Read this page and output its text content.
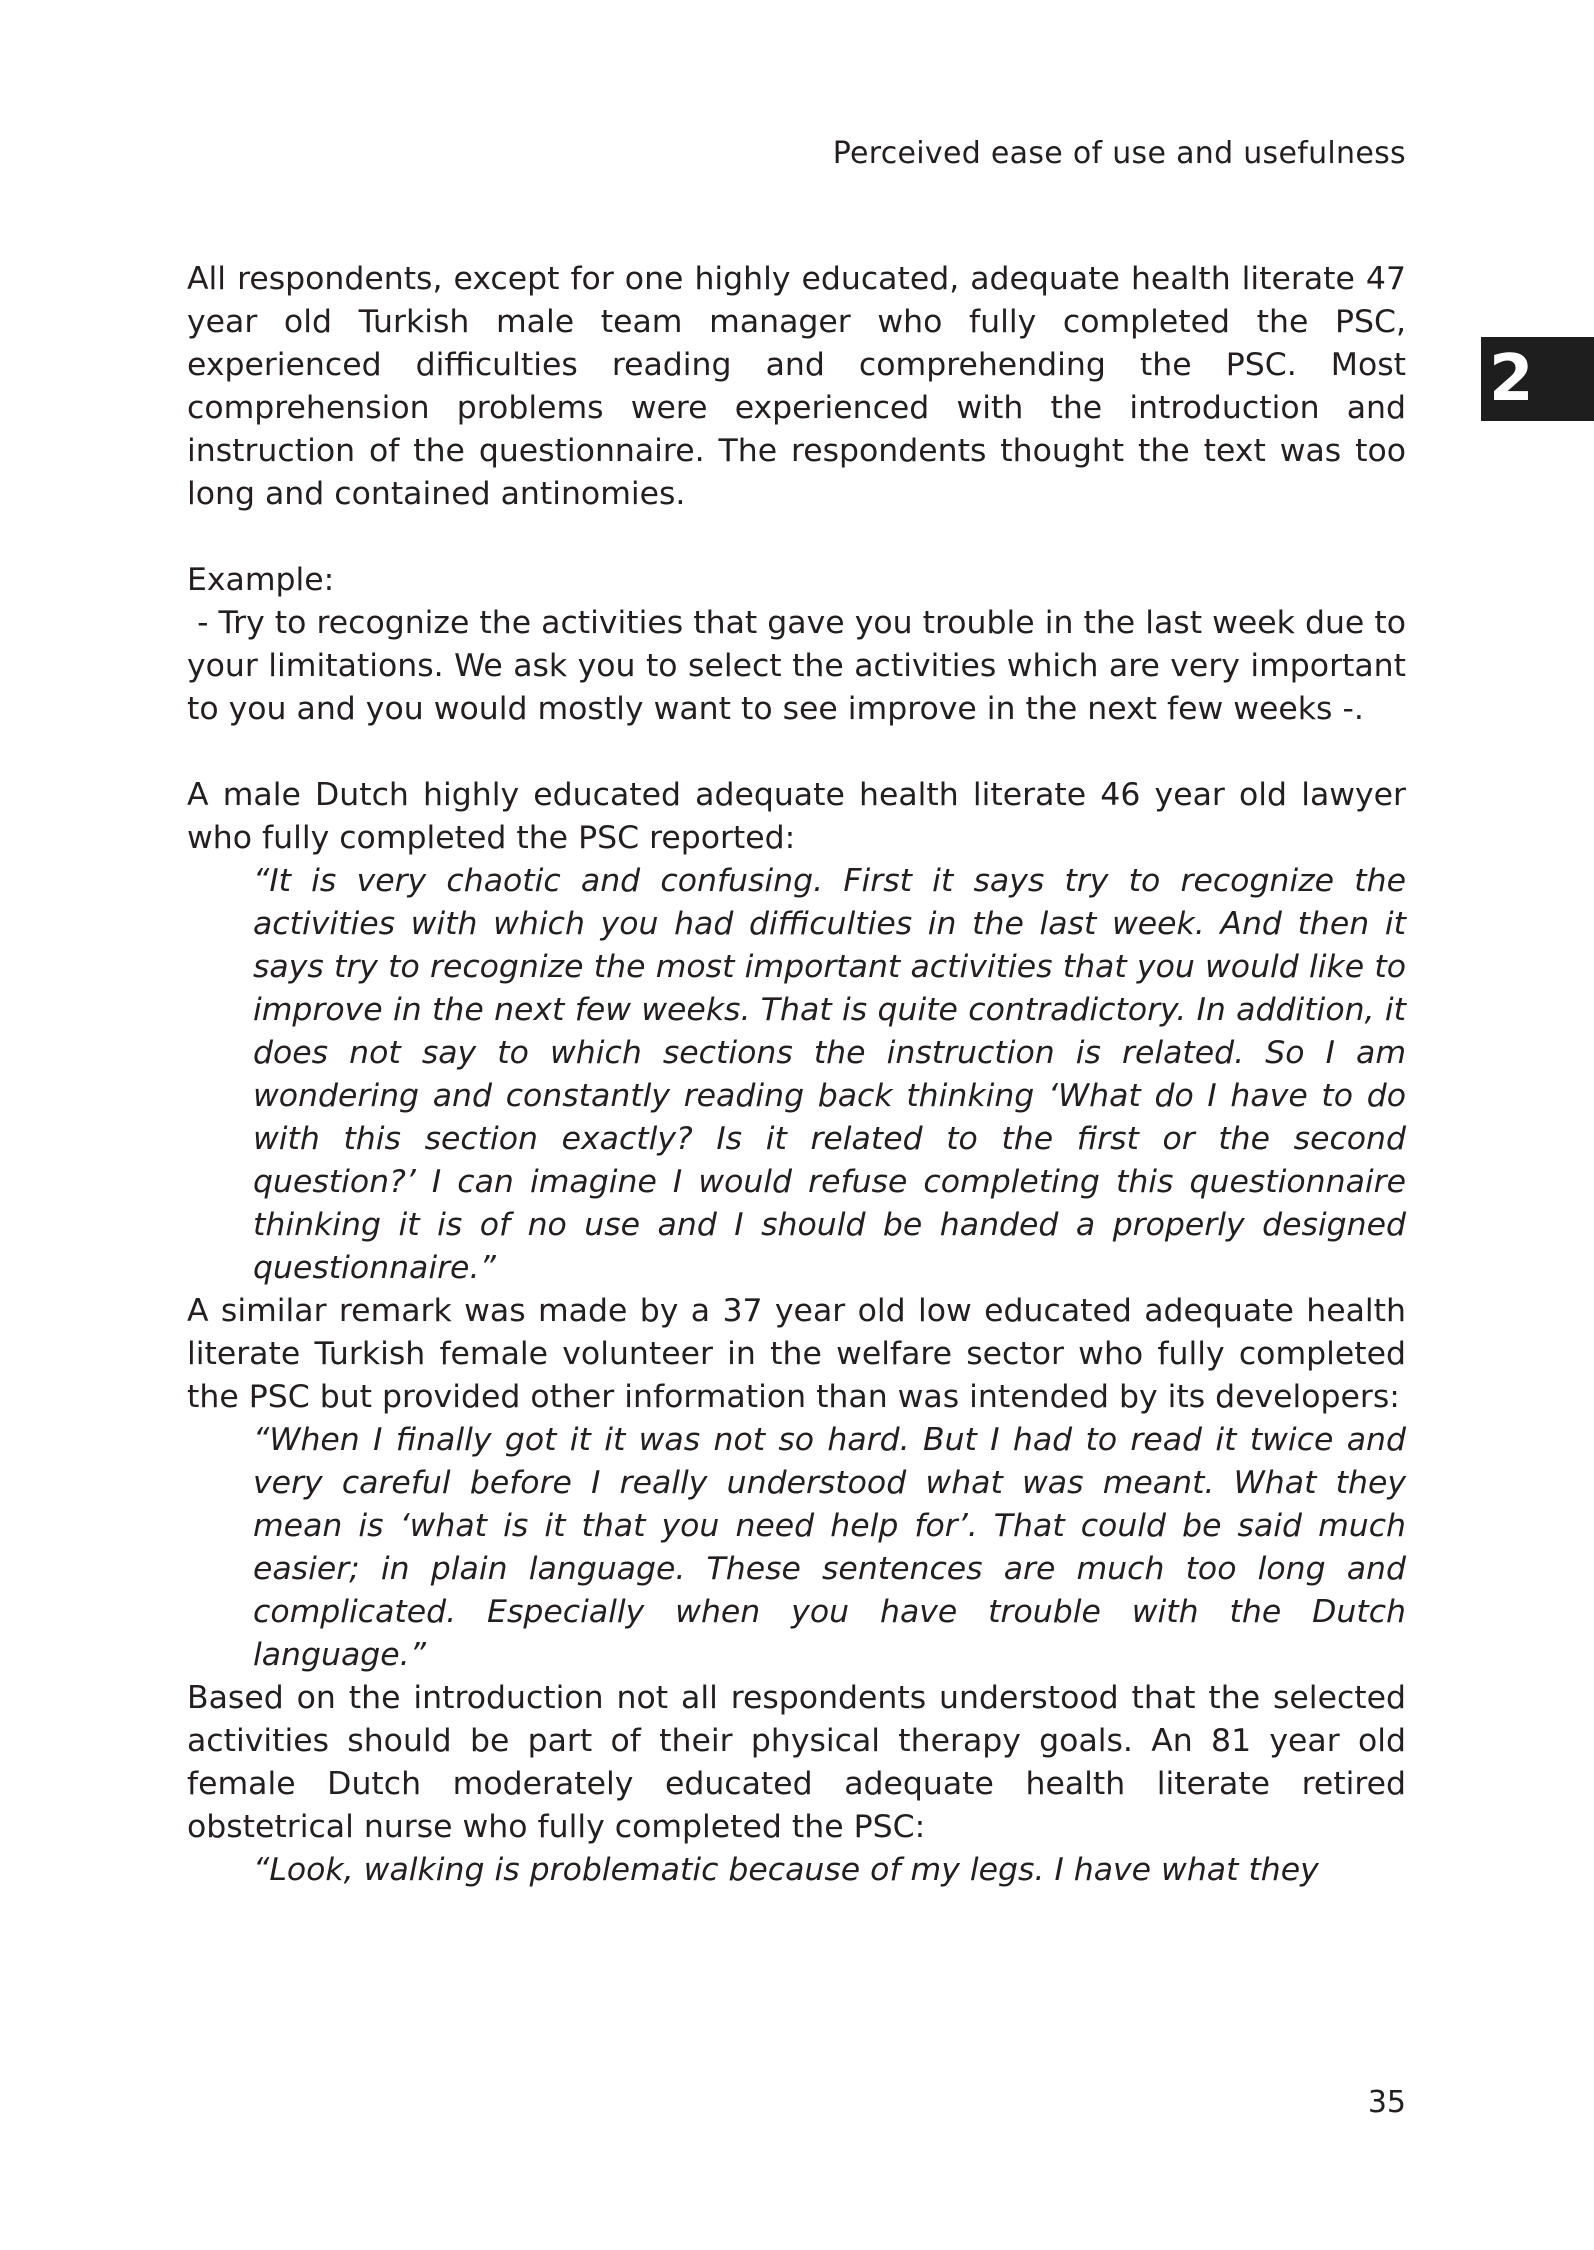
Perceived ease of use and usefulness
2

All respondents, except for one highly educated, adequate health literate 47 year old Turkish male team manager who fully completed the PSC, experienced difficulties reading and comprehending the PSC. Most comprehension problems were experienced with the introduction and instruction of the questionnaire. The respondents thought the text was too long and contained antinomies.

Example:

- Try to recognize the activities that gave you trouble in the last week due to your limitations. We ask you to select the activities which are very important to you and you would mostly want to see improve in the next few weeks -.

A male Dutch highly educated adequate health literate 46 year old lawyer who fully completed the PSC reported:

“It is very chaotic and confusing. First it says try to recognize the activities with which you had difficulties in the last week. And then it says try to recognize the most important activities that you would like to improve in the next few weeks. That is quite contradictory. In addition, it does not say to which sections the instruction is related. So I am wondering and constantly reading back thinking ‘What do I have to do with this section exactly? Is it related to the first or the second question?’ I can imagine I would refuse completing this questionnaire thinking it is of no use and I should be handed a properly designed questionnaire.”

A similar remark was made by a 37 year old low educated adequate health literate Turkish female volunteer in the welfare sector who fully completed the PSC but provided other information than was intended by its developers:

“When I finally got it it was not so hard. But I had to read it twice and very careful before I really understood what was meant. What they mean is ‘what is it that you need help for’. That could be said much easier; in plain language. These sentences are much too long and complicated. Especially when you have trouble with the Dutch language.”

Based on the introduction not all respondents understood that the selected activities should be part of their physical therapy goals. An 81 year old female Dutch moderately educated adequate health literate retired obstetrical nurse who fully completed the PSC:

“Look, walking is problematic because of my legs. I have what they

35
